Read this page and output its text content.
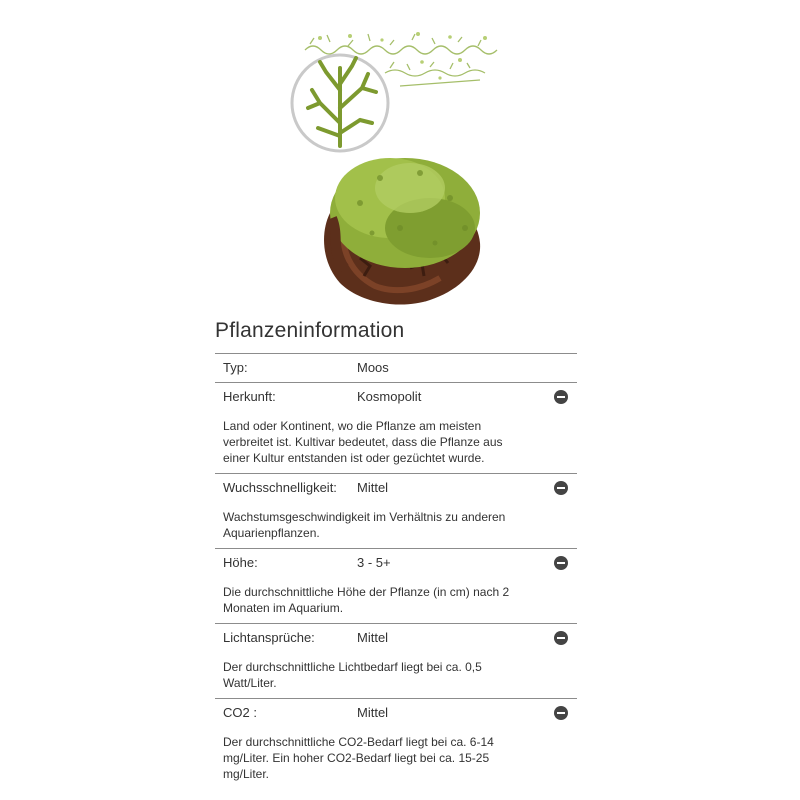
Pflanzeninformation
Typ:	Moos
Herkunft:	Kosmopolit
Land oder Kontinent, wo die Pflanze am meisten verbreitet ist. Kultivar bedeutet, dass die Pflanze aus einer Kultur entstanden ist oder gezüchtet wurde.
Wuchsschnelligkeit: Mittel
Wachstumsgeschwindigkeit im Verhältnis zu anderen Aquarienpflanzen.
Höhe:	3 - 5+
Die durchschnittliche Höhe der Pflanze (in cm) nach 2 Monaten im Aquarium.
Lichtansprüche:	Mittel
Der durchschnittliche Lichtbedarf liegt bei ca. 0,5 Watt/Liter.
CO2 :	Mittel
Der durchschnittliche CO2-Bedarf liegt bei ca. 6-14 mg/Liter. Ein hoher CO2-Bedarf liegt bei ca. 15-25 mg/Liter.
